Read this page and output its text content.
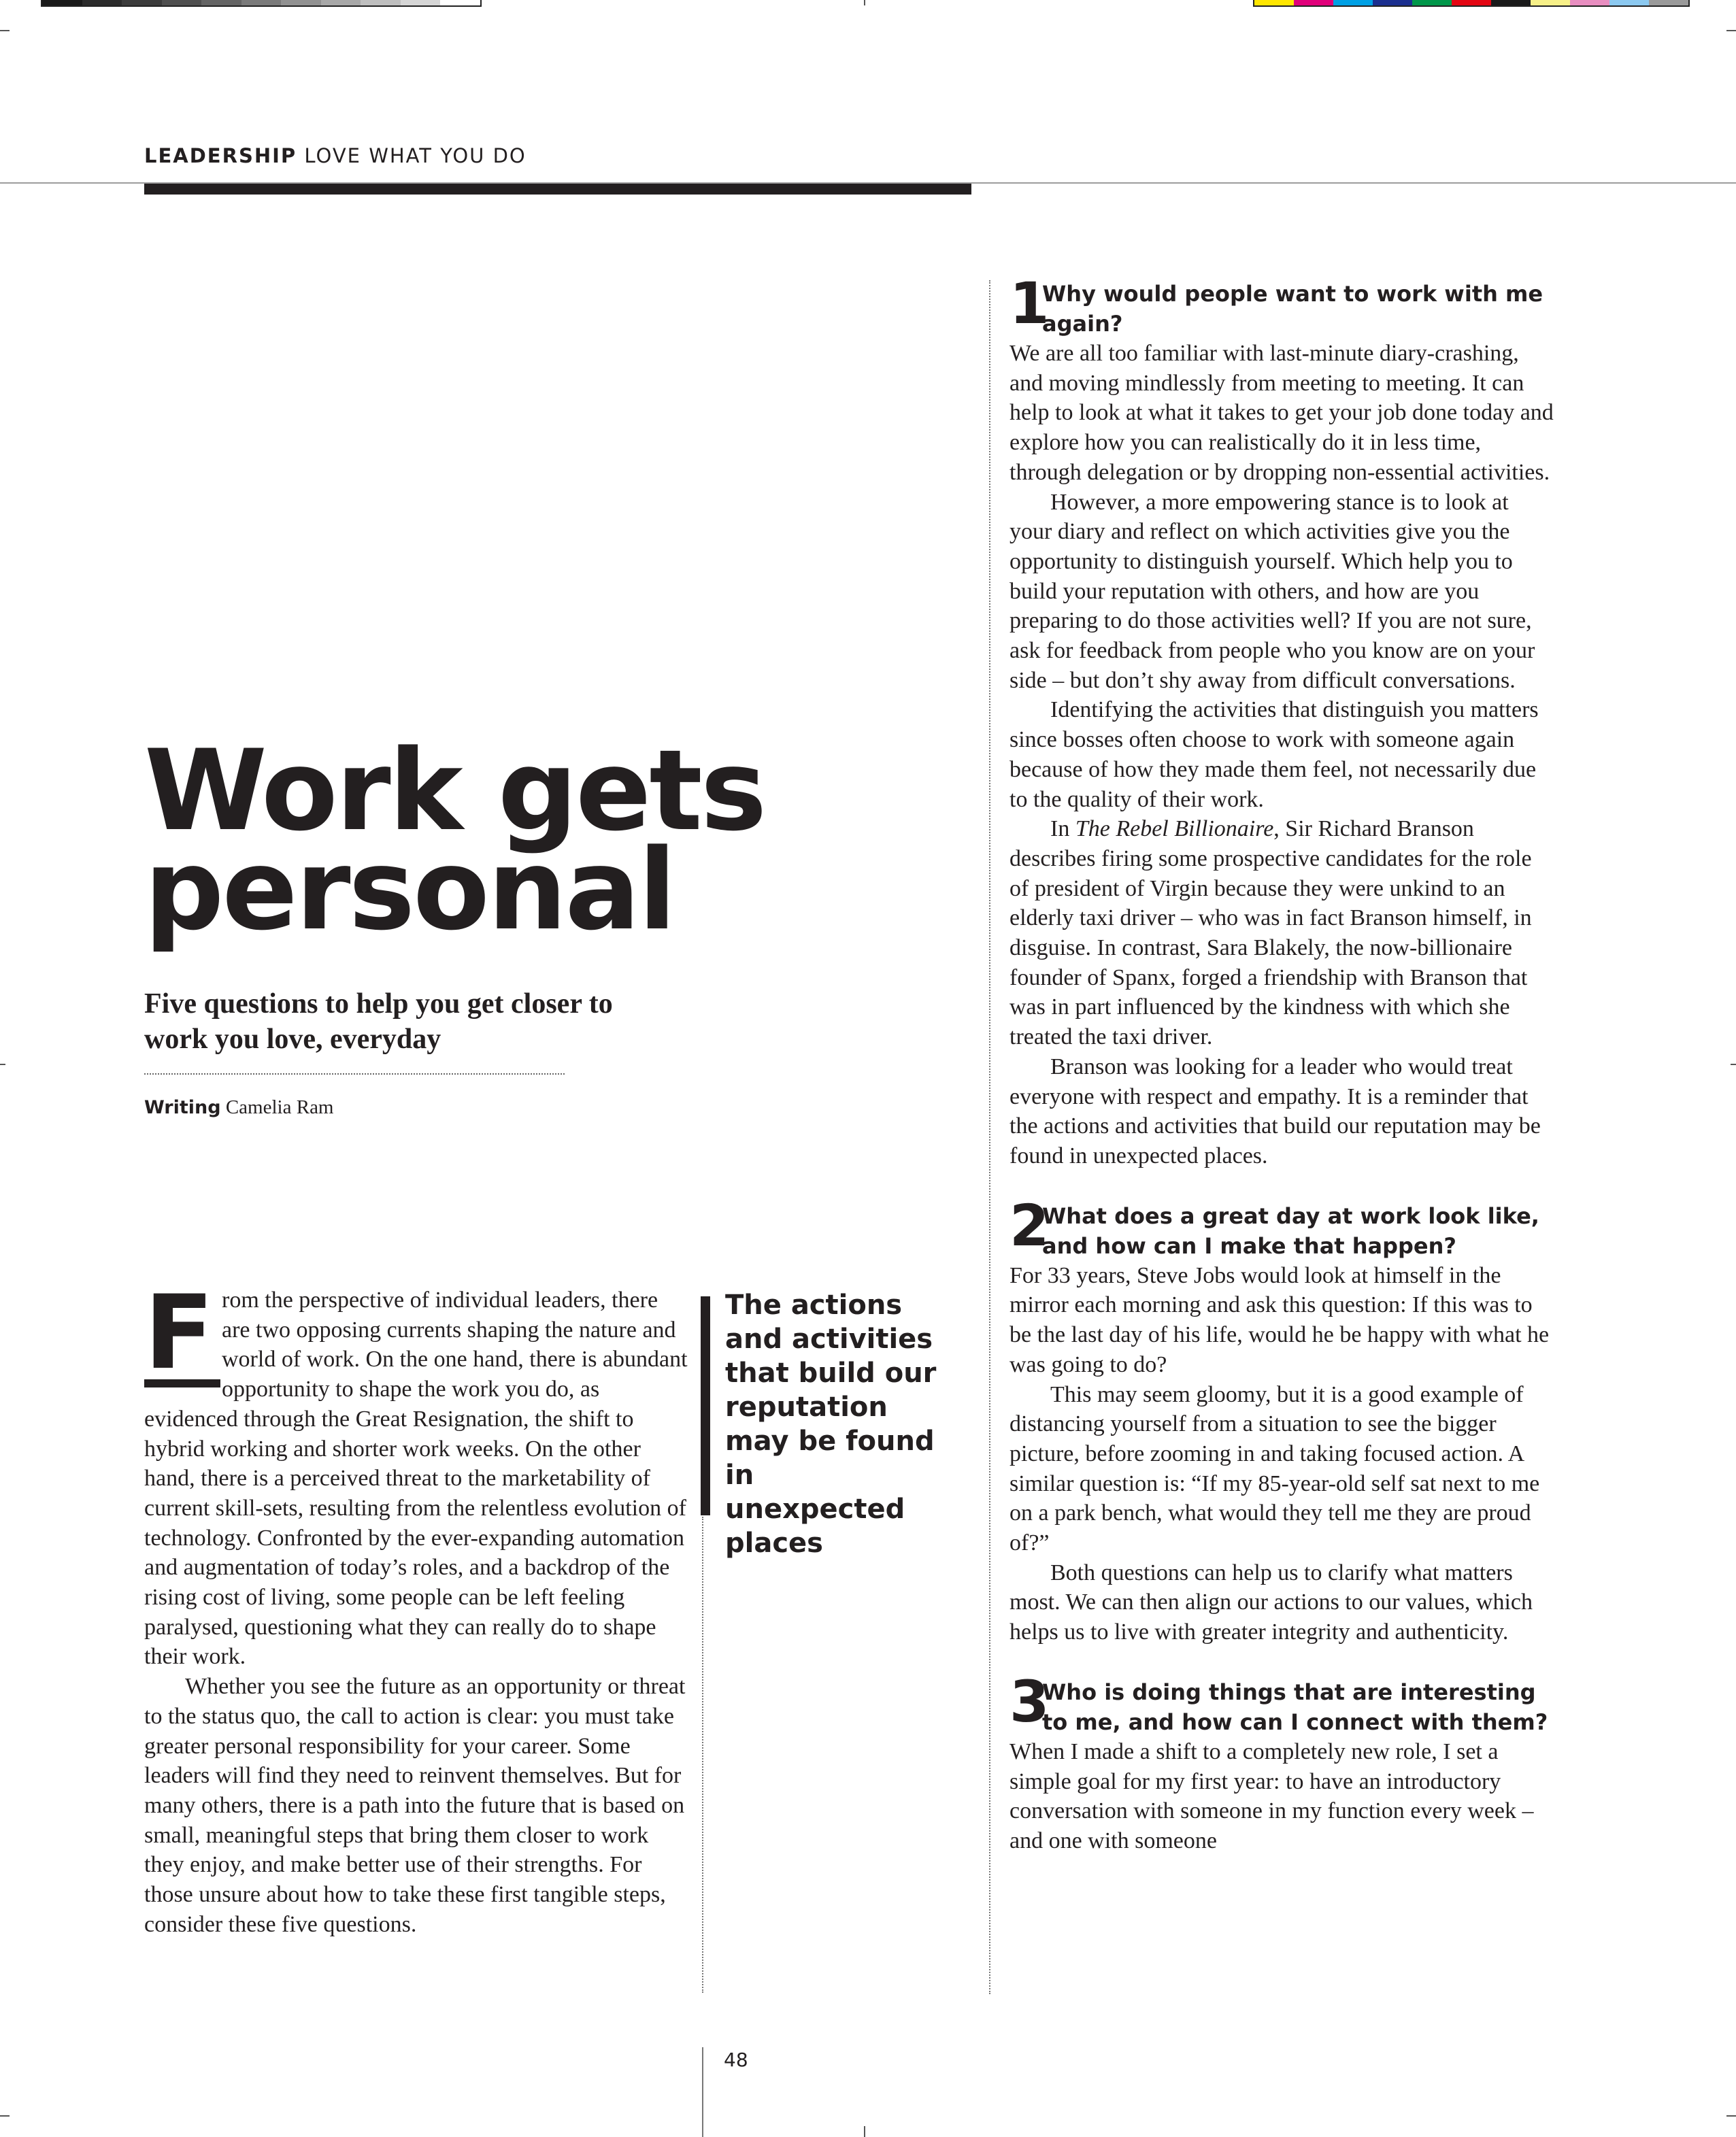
LEADERSHIP LOVE WHAT YOU DO
Work gets
personal
Five questions to help you get closer to work you love, everyday
Writing Camelia Ram

F rom the perspective of individual leaders, there are two opposing currents shaping the nature and world of work. On the one hand, there is abundant opportunity to shape the work you do, as evidenced through the Great Resignation, the shift to hybrid working and shorter work weeks. On the other hand, there is a perceived threat to the marketability of current skill-sets, resulting from the relentless evolution of technology. Confronted by the ever-expanding automation and augmentation of today’s roles, and a backdrop of the rising cost of living, some people can be left feeling paralysed, questioning what they can really do to shape their work.

Whether you see the future as an opportunity or threat to the status quo, the call to action is clear: you must take greater personal responsibility for your career. Some leaders will find they need to reinvent themselves. But for many others, there is a path into the future that is based on small, meaningful steps that bring them closer to work they enjoy, and make better use of their strengths. For those unsure about how to take these first tangible steps, consider these five questions.

The actions and activities that build our reputation may be found in unexpected places
1
Why would people want to work with me again?

We are all too familiar with last-minute diary-crashing, and moving mindlessly from meeting to meeting. It can help to look at what it takes to get your job done today and explore how you can realistically do it in less time, through delegation or by dropping non-essential activities.

However, a more empowering stance is to look at your diary and reflect on which activities give you the opportunity to distinguish yourself. Which help you to build your reputation with others, and how are you preparing to do those activities well? If you are not sure, ask for feedback from people who you know are on your side – but don’t shy away from difficult conversations.

Identifying the activities that distinguish you matters since bosses often choose to work with someone again because of how they made them feel, not necessarily due to the quality of their work.

In The Rebel Billionaire, Sir Richard Branson describes firing some prospective candidates for the role of president of Virgin because they were unkind to an elderly taxi driver – who was in fact Branson himself, in disguise. In contrast, Sara Blakely, the now-billionaire founder of Spanx, forged a friendship with Branson that was in part influenced by the kindness with which she treated the taxi driver.

Branson was looking for a leader who would treat everyone with respect and empathy. It is a reminder that the actions and activities that build our reputation may be found in unexpected places.

2
What does a great day at work look like, and how can I make that happen?

For 33 years, Steve Jobs would look at himself in the mirror each morning and ask this question: If this was to be the last day of his life, would he be happy with what he was going to do?

This may seem gloomy, but it is a good example of distancing yourself from a situation to see the bigger picture, before zooming in and taking focused action. A similar question is: “If my 85-year-old self sat next to me on a park bench, what would they tell me they are proud of?”

Both questions can help us to clarify what matters most. We can then align our actions to our values, which helps us to live with greater integrity and authenticity.

3
Who is doing things that are interesting to me, and how can I connect with them?

When I made a shift to a completely new role, I set a simple goal for my first year: to have an introductory conversation with someone in my function every week – and one with someone

48
